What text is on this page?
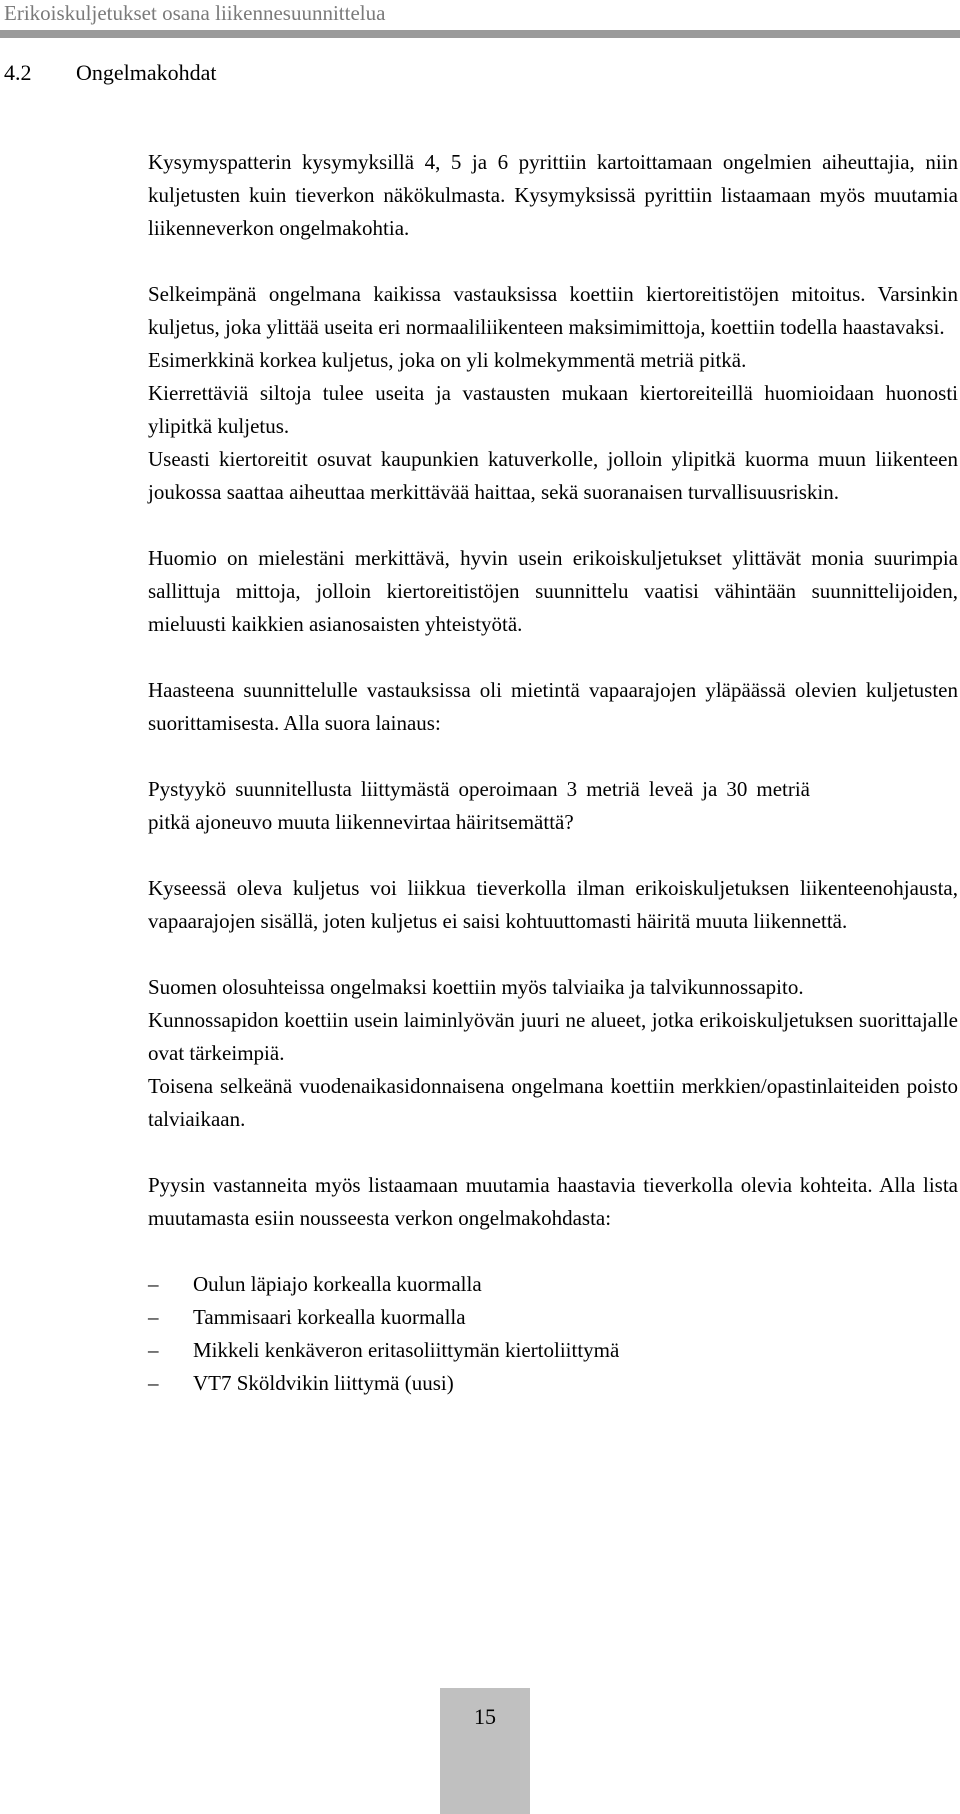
Erikoiskuljetukset osana liikennesuunnittelua
4.2 Ongelmakohdat

Kysymyspatterin kysymyksillä 4, 5 ja 6 pyrittiin kartoittamaan ongelmien aiheuttajia, niin kuljetusten kuin tieverkon näkökulmasta. Kysymyksissä pyrittiin listaamaan myös muutamia liikenneverkon ongelmakohtia.

Selkeimpänä ongelmana kaikissa vastauksissa koettiin kiertoreitistöjen mitoitus. Varsinkin kuljetus, joka ylittää useita eri normaaliliikenteen maksimimittoja, koettiin todella haastavaksi.

Esimerkkinä korkea kuljetus, joka on yli kolmekymmentä metriä pitkä.

Kierrettäviä siltoja tulee useita ja vastausten mukaan kiertoreiteillä huomioidaan huonosti ylipitkä kuljetus.

Useasti kiertoreitit osuvat kaupunkien katuverkolle, jolloin ylipitkä kuorma muun liikenteen joukossa saattaa aiheuttaa merkittävää haittaa, sekä suoranaisen turvallisuusriskin.

Huomio on mielestäni merkittävä, hyvin usein erikoiskuljetukset ylittävät monia suurimpia sallittuja mittoja, jolloin kiertoreitistöjen suunnittelu vaatisi vähintään suunnittelijoiden, mieluusti kaikkien asianosaisten yhteistyötä.

Haasteena suunnittelulle vastauksissa oli mietintä vapaarajojen yläpäässä olevien kuljetusten suorittamisesta. Alla suora lainaus:

Pystyykö suunnitellusta liittymästä operoimaan 3 metriä leveä ja 30 metriä pitkä ajoneuvo muuta liikennevirtaa häiritsemättä?

Kyseessä oleva kuljetus voi liikkua tieverkolla ilman erikoiskuljetuksen liikenteenohjausta, vapaarajojen sisällä, joten kuljetus ei saisi kohtuuttomasti häiritä muuta liikennettä.

Suomen olosuhteissa ongelmaksi koettiin myös talviaika ja talvikunnossapito.

Kunnossapidon koettiin usein laiminlyövän juuri ne alueet, jotka erikoiskuljetuksen suorittajalle ovat tärkeimpiä.

Toisena selkeänä vuodenaikasidonnaisena ongelmana koettiin merkkien/opastinlaiteiden poisto talviaikaan.

Pyysin vastanneita myös listaamaan muutamia haastavia tieverkolla olevia kohteita. Alla lista muutamasta esiin nousseesta verkon ongelmakohdasta:

– Oulun läpiajo korkealla kuormalla
– Tammisaari korkealla kuormalla
– Mikkeli kenkäveron eritasoliittymän kiertoliittymä
– VT7 Sköldvikin liittymä (uusi)
15
